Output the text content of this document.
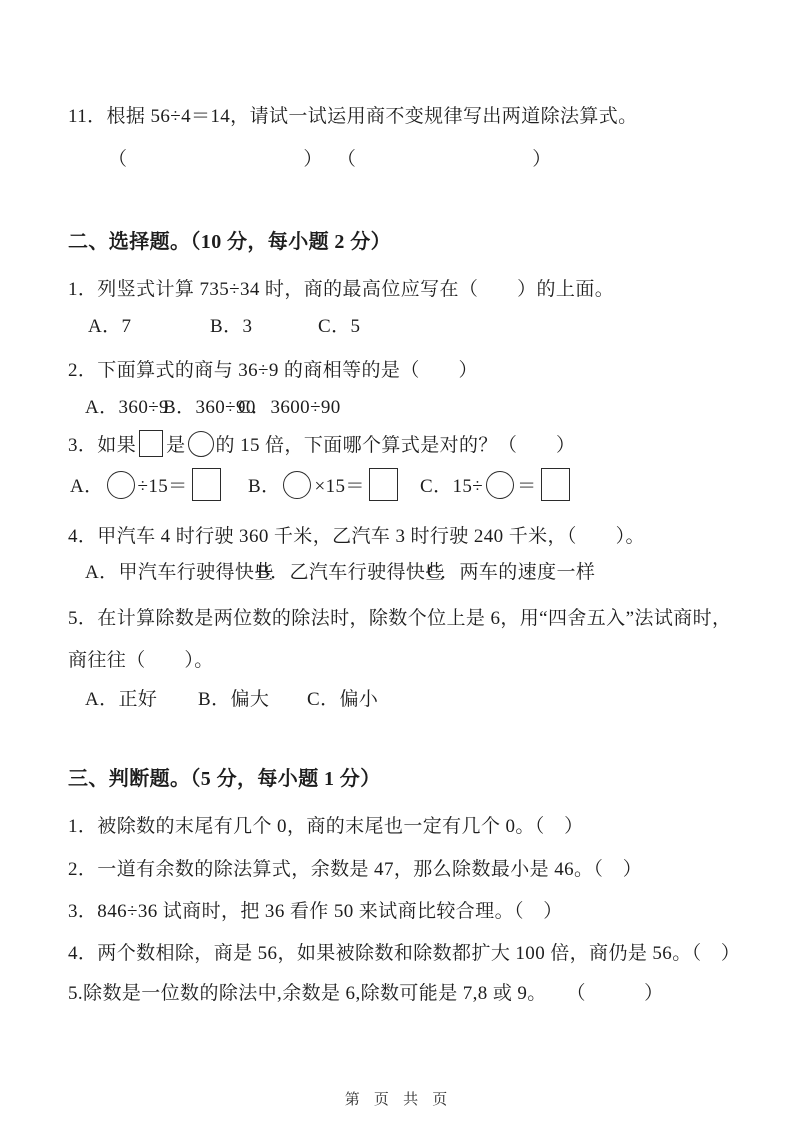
11．根据 56÷4＝14，请试一试运用商不变规律写出两道除法算式。
（	） （	）
二、选择题。（10 分，每小题 2 分）
1．列竖式计算 735÷34 时，商的最高位应写在（　　）的上面。
A．7	B．3	C．5
2．下面算式的商与 36÷9 的商相等的是（　　）
A．360÷9
B．360÷90
C．3600÷90
3．如果 是 的 15 倍，下面哪个算式是对的？（　　）
A． ÷15＝	B． ×15＝	C．15÷ ＝
4．甲汽车 4 时行驶 360 千米，乙汽车 3 时行驶 240 千米，（　　）。
A．甲汽车行驶得快些
B．乙汽车行驶得快些
C．两车的速度一样
5．在计算除数是两位数的除法时，除数个位上是 6，用“四舍五入”法试商时，
商往往（　　）。
A．正好	B．偏大	C．偏小
三、判断题。（5 分，每小题 1 分）
1．被除数的末尾有几个 0，商的末尾也一定有几个 0。（　）
2．一道有余数的除法算式，余数是 47，那么除数最小是 46。（　）
3．846÷36 试商时，把 36 看作 50 来试商比较合理。（　）
4．两个数相除，商是 56，如果被除数和除数都扩大 100 倍，商仍是 56。（　）
5.除数是一位数的除法中,余数是 6,除数可能是 7,8 或 9。　　（　　　）
第 页 共 页
